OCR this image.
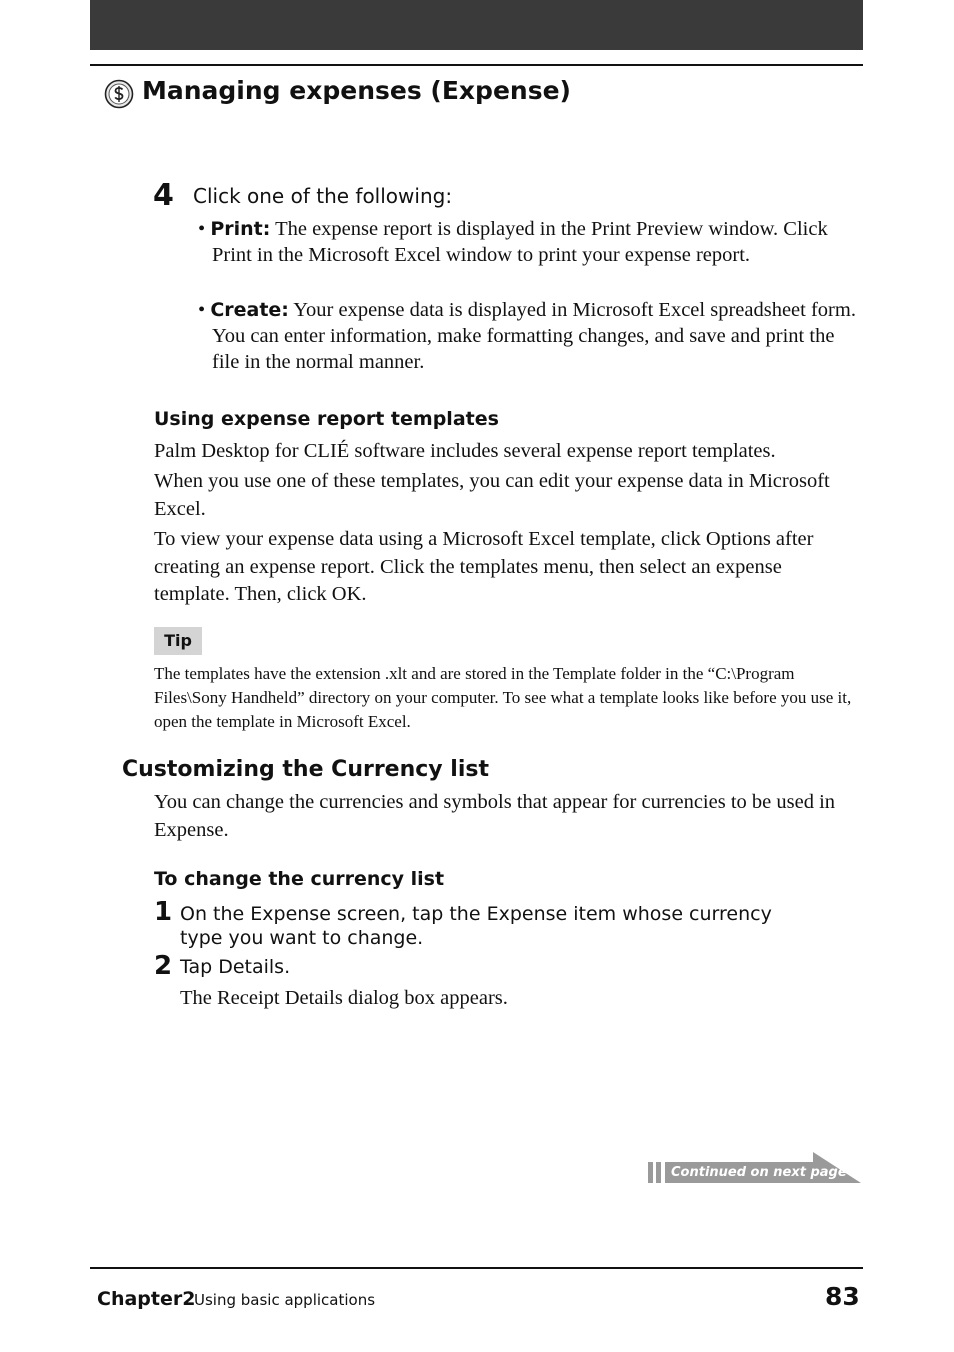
Managing expenses (Expense)
4 Click one of the following:
• Print: The expense report is displayed in the Print Preview window. Click Print in the Microsoft Excel window to print your expense report.
• Create: Your expense data is displayed in Microsoft Excel spreadsheet form. You can enter information, make formatting changes, and save and print the file in the normal manner.
Using expense report templates
Palm Desktop for CLIÉ software includes several expense report templates.
When you use one of these templates, you can edit your expense data in Microsoft Excel.
To view your expense data using a Microsoft Excel template, click Options after creating an expense report. Click the templates menu, then select an expense template. Then, click OK.
Tip
The templates have the extension .xlt and are stored in the Template folder in the “C:\Program Files\Sony Handheld” directory on your computer. To see what a template looks like before you use it, open the template in Microsoft Excel.
Customizing the Currency list
You can change the currencies and symbols that appear for currencies to be used in Expense.
To change the currency list
1 On the Expense screen, tap the Expense item whose currency type you want to change.
2 Tap Details.
The Receipt Details dialog box appears.
Continued on next page
Chapter2
Using basic applications	83
